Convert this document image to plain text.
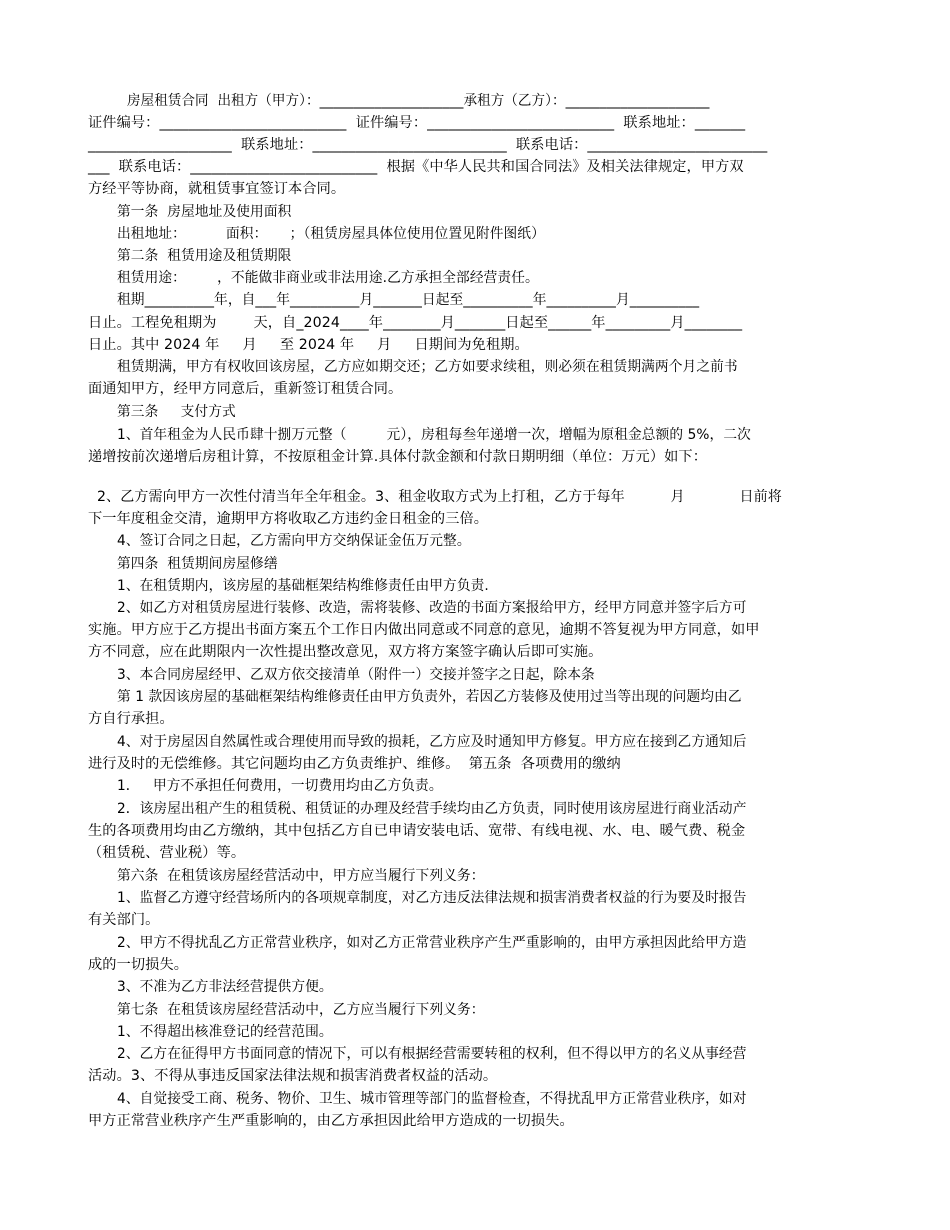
房屋租赁合同  出租方（甲方）：_____________________承租方（乙方）：_____________________
证件编号：__________________________  证件编号：__________________________  联系地址：_______
____________________  联系地址：___________________________  联系电话：_________________________
___  联系电话：__________________________  根据《中华人民共和国合同法》及相关法律规定，甲方双
方经平等协商，就租赁事宜签订本合同。
第一条  房屋地址及使用面积
出租地址：         面积：     ；（租赁房屋具体位使用位置见附件图纸）
第二条  租赁用途及租赁期限
租赁用途：       ，不能做非商业或非法用途.乙方承担全部经营责任。
租期__________年，自___年__________月_______日起至__________年__________月__________
日止。工程免租期为        天，自_2024____年________月_______日起至______年_________月________
日止。其中 2024 年     月     至 2024 年     月     日期间为免租期。
租赁期满，甲方有权收回该房屋，乙方应如期交还；乙方如要求续租，则必须在租赁期满两个月之前书
面通知甲方，经甲方同意后，重新签订租赁合同。
第三条     支付方式
1、首年租金为人民币肆十捌万元整（         元），房租每叁年递增一次，增幅为原租金总额的 5%，二次
递增按前次递增后房租计算，不按原租金计算.具体付款金额和付款日期明细（单位：万元）如下：
2、乙方需向甲方一次性付清当年全年租金。3、租金收取方式为上打租，乙方于每年          月            日前将
下一年度租金交清，逾期甲方将收取乙方违约金日租金的三倍。
4、签订合同之日起，乙方需向甲方交纳保证金伍万元整。
第四条  租赁期间房屋修缮
1、在租赁期内，该房屋的基础框架结构维修责任由甲方负责.
2、如乙方对租赁房屋进行装修、改造，需将装修、改造的书面方案报给甲方，经甲方同意并签字后方可
实施。甲方应于乙方提出书面方案五个工作日内做出同意或不同意的意见，逾期不答复视为甲方同意，如甲
方不同意，应在此期限内一次性提出整改意见，双方将方案签字确认后即可实施。
3、本合同房屋经甲、乙双方依交接清单（附件一）交接并签字之日起，除本条
第 1 款因该房屋的基础框架结构维修责任由甲方负责外，若因乙方装修及使用过当等出现的问题均由乙
方自行承担。
4、对于房屋因自然属性或合理使用而导致的损耗，乙方应及时通知甲方修复。甲方应在接到乙方通知后
进行及时的无偿维修。其它问题均由乙方负责维护、维修。  第五条  各项费用的缴纳
1．   甲方不承担任何费用，一切费用均由乙方负责。
2．该房屋出租产生的租赁税、租赁证的办理及经营手续均由乙方负责，同时使用该房屋进行商业活动产
生的各项费用均由乙方缴纳，其中包括乙方自已申请安装电话、宽带、有线电视、水、电、暖气费、税金
（租赁税、营业税）等。
第六条  在租赁该房屋经营活动中，甲方应当履行下列义务：
1、监督乙方遵守经营场所内的各项规章制度，对乙方违反法律法规和损害消费者权益的行为要及时报告
有关部门。
2、甲方不得扰乱乙方正常营业秩序，如对乙方正常营业秩序产生严重影响的，由甲方承担因此给甲方造
成的一切损失。
3、不准为乙方非法经营提供方便。
第七条  在租赁该房屋经营活动中，乙方应当履行下列义务：
1、不得超出核准登记的经营范围。
2、乙方在征得甲方书面同意的情况下，可以有根据经营需要转租的权利，但不得以甲方的名义从事经营
活动。3、不得从事违反国家法律法规和损害消费者权益的活动。
4、自觉接受工商、税务、物价、卫生、城市管理等部门的监督检查，不得扰乱甲方正常营业秩序，如对
甲方正常营业秩序产生严重影响的，由乙方承担因此给甲方造成的一切损失。
